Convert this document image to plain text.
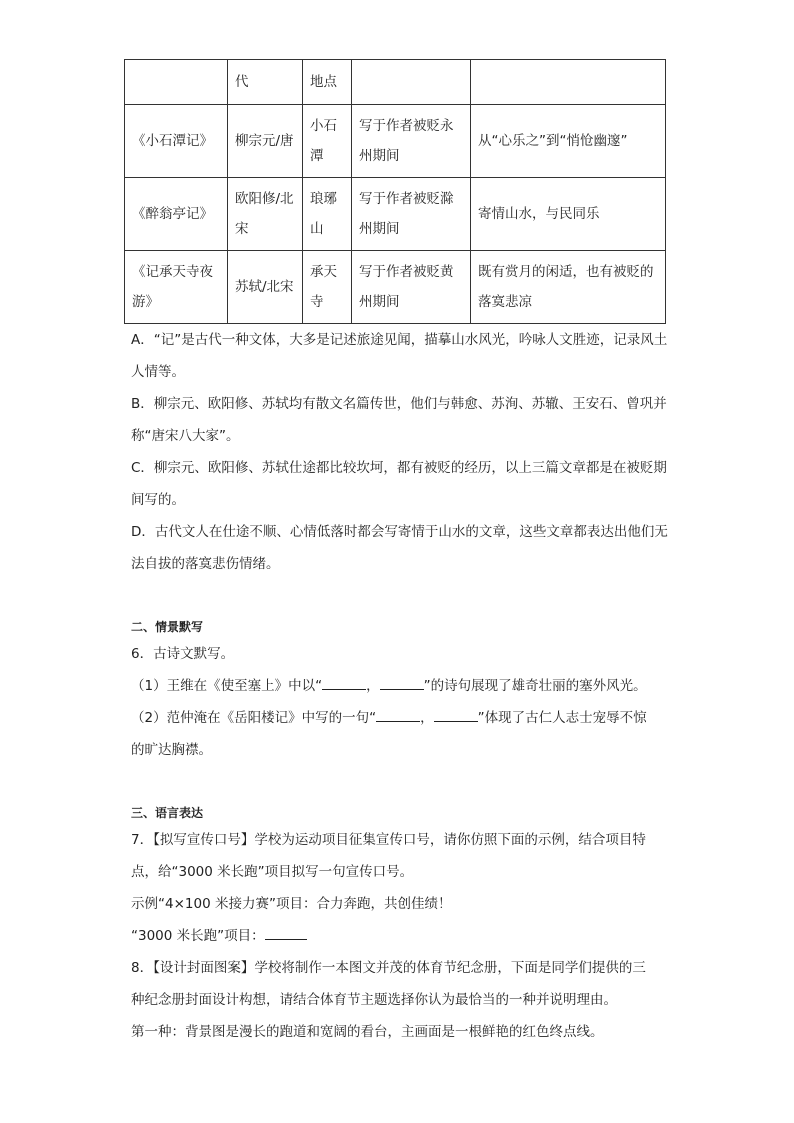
	代	地点		
《小石潭记》	柳宗元/唐	小石潭	写于作者被贬永州期间	从“心乐之”到“悄怆幽邃”
《醉翁亭记》	欧阳修/北宋	琅琊山	写于作者被贬滁州期间	寄情山水，与民同乐
《记承天寺夜游》	苏轼/北宋	承天寺	写于作者被贬黄州期间	既有赏月的闲适，也有被贬的落寞悲凉

A．“记”是古代一种文体，大多是记述旅途见闻，描摹山水风光，吟咏人文胜迹，记录风土人情等。

B．柳宗元、欧阳修、苏轼均有散文名篇传世，他们与韩愈、苏洵、苏辙、王安石、曾巩并称“唐宋八大家”。

C．柳宗元、欧阳修、苏轼仕途都比较坎坷，都有被贬的经历，以上三篇文章都是在被贬期间写的。

D．古代文人在仕途不顺、心情低落时都会写寄情于山水的文章，这些文章都表达出他们无法自拔的落寞悲伤情绪。

二、情景默写
6．古诗文默写。
（1）王维在《使至塞上》中以“	，	”的诗句展现了雄奇壮丽的塞外风光。
（2）范仲淹在《岳阳楼记》中写的一句“	，	”体现了古仁人志士宠辱不惊
的旷达胸襟。
三、语言表达
7．【拟写宣传口号】学校为运动项目征集宣传口号，请你仿照下面的示例，结合项目特
点，给“3000 米长跑”项目拟写一句宣传口号。
示例“4×100 米接力赛”项目：合力奔跑，共创佳绩！
“3000 米长跑”项目：
8．【设计封面图案】学校将制作一本图文并茂的体育节纪念册，下面是同学们提供的三
种纪念册封面设计构想，请结合体育节主题选择你认为最恰当的一种并说明理由。
第一种：背景图是漫长的跑道和宽阔的看台，主画面是一根鲜艳的红色终点线。
